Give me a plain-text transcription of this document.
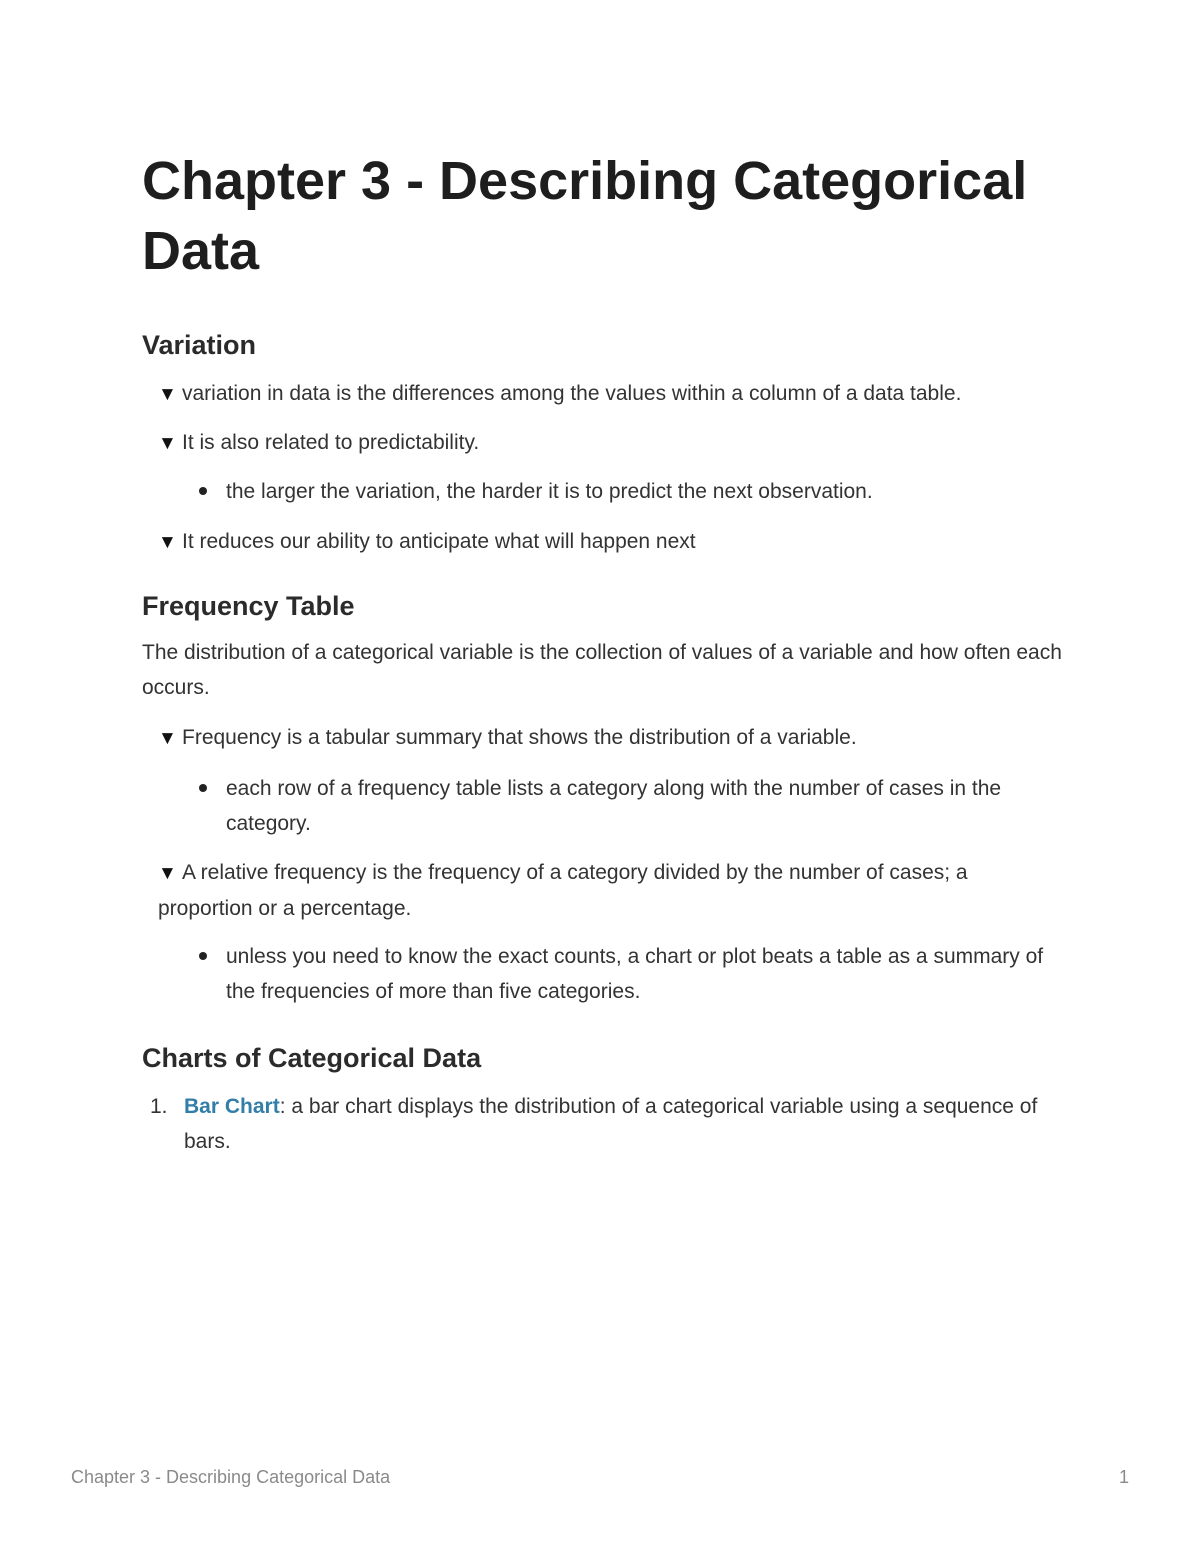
Chapter 3 - Describing Categorical Data
Variation
▼ variation in data is the differences among the values within a column of a data table.
▼ It is also related to predictability.
the larger the variation, the harder it is to predict the next observation.
▼ It reduces our ability to anticipate what will happen next
Frequency Table

The distribution of a categorical variable is the collection of values of a variable and how often each occurs.

▼ Frequency is a tabular summary that shows the distribution of a variable.
each row of a frequency table lists a category along with the number of cases in the category.
▼ A relative frequency is the frequency of a category divided by the number of cases; a proportion or a percentage.
unless you need to know the exact counts, a chart or plot beats a table as a summary of the frequencies of more than five categories.
Charts of Categorical Data
1. Bar Chart: a bar chart displays the distribution of a categorical variable using a sequence of bars.
Chapter 3 - Describing Categorical Data	1
